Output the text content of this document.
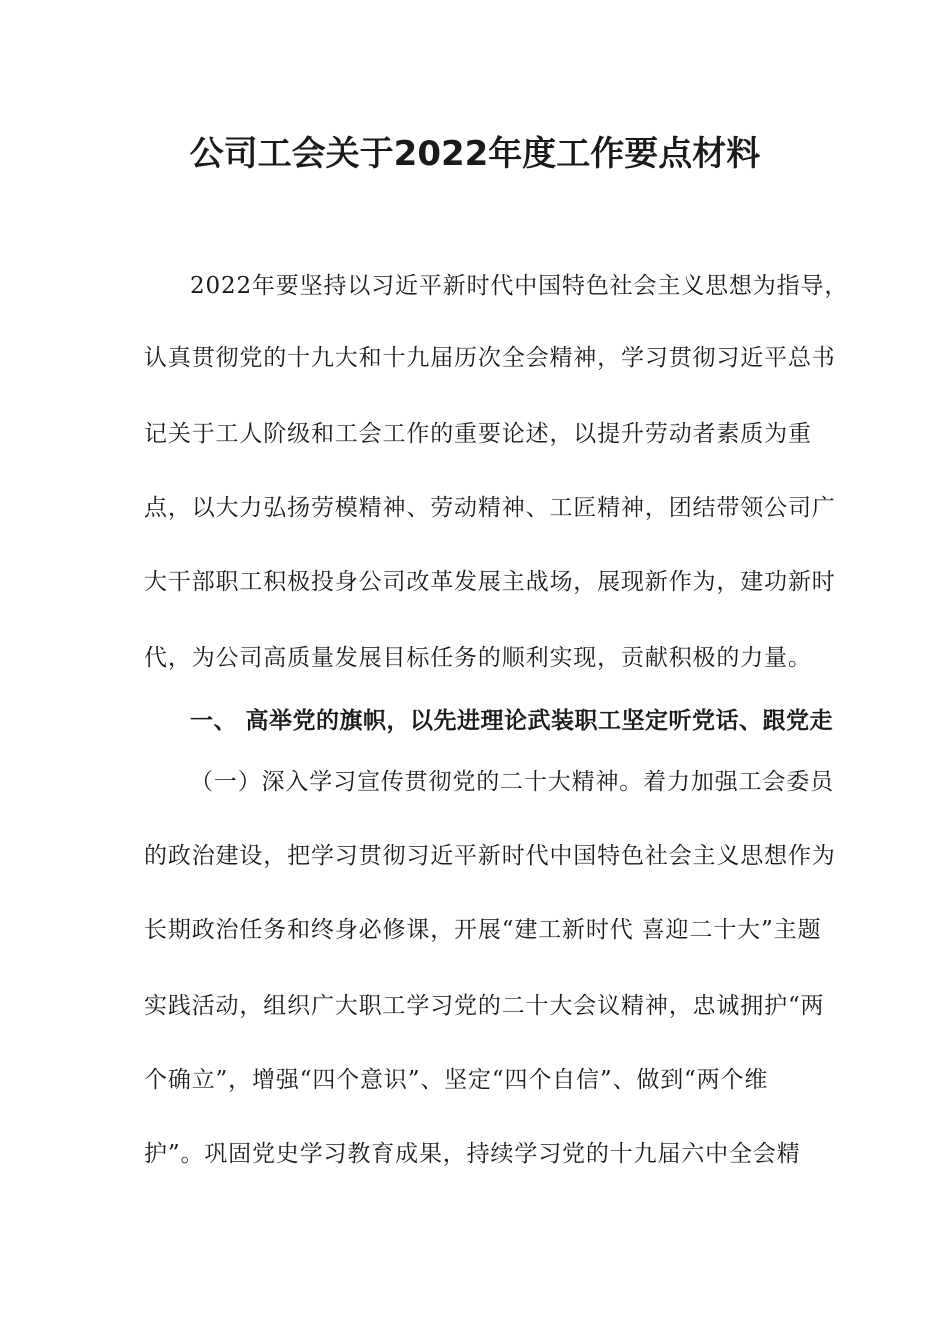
公司工会关于2022年度工作要点材料
2022年要坚持以习近平新时代中国特色社会主义思想为指导，
认真贯彻党的十九大和十九届历次全会精神，学习贯彻习近平总书
记关于工人阶级和工会工作的重要论述，以提升劳动者素质为重
点，以大力弘扬劳模精神、劳动精神、工匠精神，团结带领公司广
大干部职工积极投身公司改革发展主战场，展现新作为，建功新时
代，为公司高质量发展目标任务的顺利实现，贡献积极的力量。
一、 高举党的旗帜，以先进理论武装职工坚定听党话、跟党走
（一）深入学习宣传贯彻党的二十大精神。着力加强工会委员
的政治建设，把学习贯彻习近平新时代中国特色社会主义思想作为
长期政治任务和终身必修课，开展“建工新时代 喜迎二十大”主题
实践活动，组织广大职工学习党的二十大会议精神，忠诚拥护“两
个确立”，增强“四个意识”、坚定“四个自信”、做到“两个维
护”。巩固党史学习教育成果，持续学习党的十九届六中全会精
